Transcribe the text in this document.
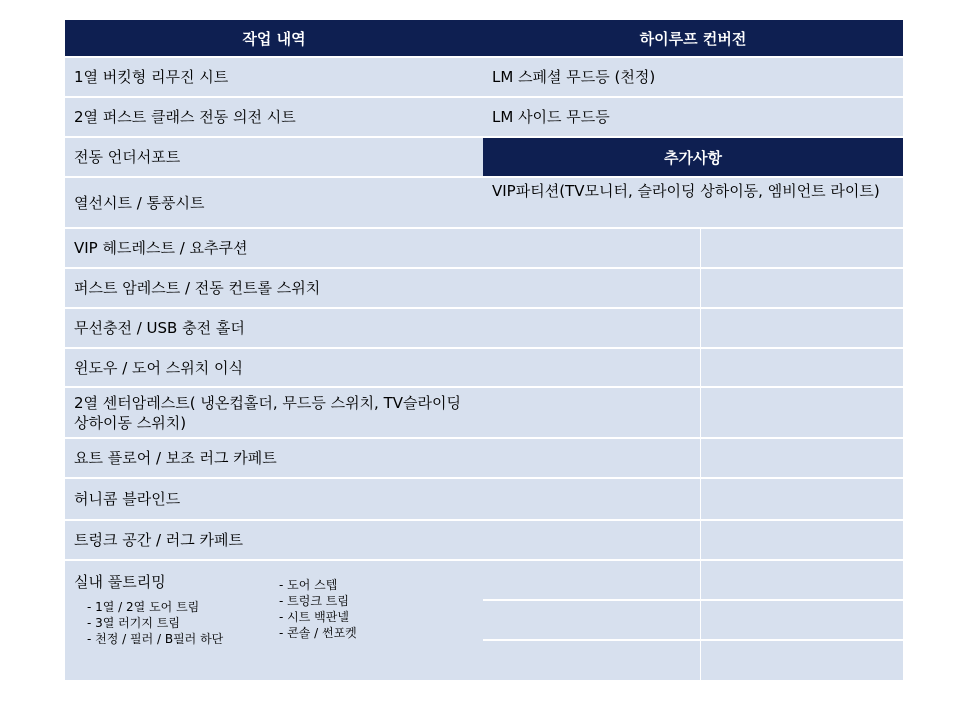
작업 내역
1열 버킷형 리무진 시트
2열 퍼스트 클래스 전동 의전 시트
전동 언더서포트
열선시트 / 통풍시트
VIP 헤드레스트 / 요추쿠션
퍼스트 암레스트 / 전동 컨트롤 스위치
무선충전 / USB 충전 홀더
윈도우 / 도어 스위치 이식
2열 센터암레스트( 냉온컵홀더, 무드등 스위치, TV슬라이딩 상하이동 스위치)
요트 플로어 / 보조 러그 카페트
허니콤 블라인드
트렁크 공간 / 러그 카페트
실내 풀트리밍
- 1열 / 2열 도어 트림
- 3열 러기지 트림
- 천정 / 필러 / B필러 하단
- 도어 스텝
- 트렁크 트림
- 시트 백판넬
- 콘솔 / 썬포켓
하이루프 컨버전
LM 스페셜 무드등 (천정)
LM 사이드 무드등
추가사항
VIP파티션(TV모니터, 슬라이딩 상하이동, 엠비언트 라이트)
